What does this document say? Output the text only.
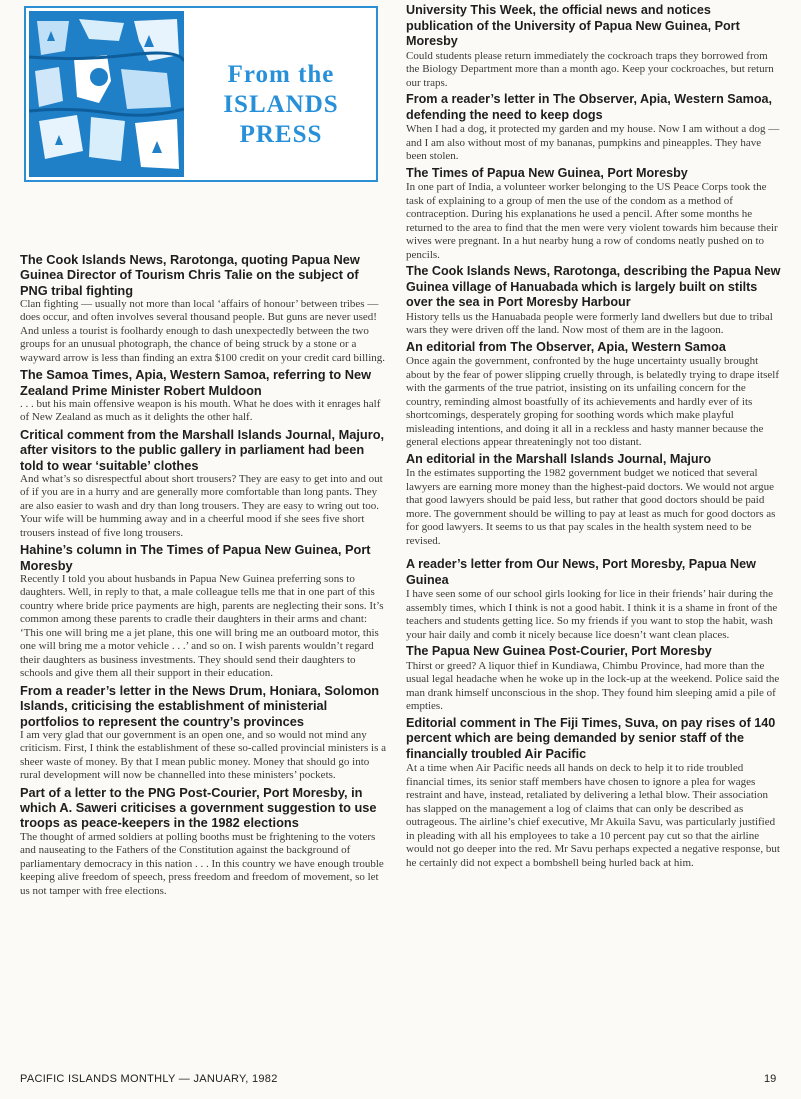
From the
ISLANDS
PRESS
The Cook Islands News, Rarotonga, quoting Papua New Guinea Director of Tourism Chris Talie on the subject of PNG tribal fighting

Clan fighting — usually not more than local ‘affairs of honour’ between tribes — does occur, and often involves several thousand people. But guns are never used! And unless a tourist is foolhardy enough to dash unexpectedly between the two groups for an unusual photograph, the chance of being struck by a stone or a wayward arrow is less than finding an extra $100 credit on your credit card billing.

The Samoa Times, Apia, Western Samoa, referring to New Zealand Prime Minister Robert Muldoon

. . . but his main offensive weapon is his mouth. What he does with it enrages half of New Zealand as much as it delights the other half.

Critical comment from the Marshall Islands Journal, Majuro, after visitors to the public gallery in parliament had been told to wear ‘suitable’ clothes

And what’s so disrespectful about short trousers? They are easy to get into and out of if you are in a hurry and are generally more comfortable than long pants. They are also easier to wash and dry than long trousers. They are easy to wring out too. Your wife will be humming away and in a cheerful mood if she sees five short trousers instead of five long trousers.

Hahine’s column in The Times of Papua New Guinea, Port Moresby

Recently I told you about husbands in Papua New Guinea preferring sons to daughters. Well, in reply to that, a male colleague tells me that in one part of this country where bride price payments are high, parents are neglecting their sons. It’s common among these parents to cradle their daughters in their arms and chant: ‘This one will bring me a jet plane, this one will bring me an outboard motor, this one will bring me a motor vehicle . . .’ and so on. I wish parents wouldn’t regard their daughters as business investments. They should send their daughters to schools and give them all their support in their education.

From a reader’s letter in the News Drum, Honiara, Solomon Islands, criticising the establishment of ministerial portfolios to represent the country’s provinces

I am very glad that our government is an open one, and so would not mind any criticism. First, I think the establishment of these so-called provincial ministers is a sheer waste of money. By that I mean public money. Money that should go into rural development will now be channelled into these ministers’ pockets.

Part of a letter to the PNG Post-Courier, Port Moresby, in which A. Saweri criticises a government suggestion to use troops as peace-keepers in the 1982 elections

The thought of armed soldiers at polling booths must be frightening to the voters and nauseating to the Fathers of the Constitution against the background of parliamentary democracy in this nation . . . In this country we have enough trouble keeping alive freedom of speech, press freedom and freedom of movement, so let us not tamper with free elections.

University This Week, the official news and notices publication of the University of Papua New Guinea, Port Moresby

Could students please return immediately the cockroach traps they borrowed from the Biology Department more than a month ago. Keep your cockroaches, but return our traps.

From a reader’s letter in The Observer, Apia, Western Samoa, defending the need to keep dogs

When I had a dog, it protected my garden and my house. Now I am without a dog — and I am also without most of my bananas, pumpkins and pineapples. They have been stolen.

The Times of Papua New Guinea, Port Moresby

In one part of India, a volunteer worker belonging to the US Peace Corps took the task of explaining to a group of men the use of the condom as a method of contraception. During his explanations he used a pencil. After some months he returned to the area to find that the men were very violent towards him because their wives were pregnant. In a hut nearby hung a row of condoms neatly pushed on to pencils.

The Cook Islands News, Rarotonga, describing the Papua New Guinea village of Hanuabada which is largely built on stilts over the sea in Port Moresby Harbour

History tells us the Hanuabada people were formerly land dwellers but due to tribal wars they were driven off the land. Now most of them are in the lagoon.

An editorial from The Observer, Apia, Western Samoa

Once again the government, confronted by the huge uncertainty usually brought about by the fear of power slipping cruelly through, is belatedly trying to drape itself with the garments of the true patriot, insisting on its unfailing concern for the country, reminding almost boastfully of its achievements and hardly ever of its shortcomings, desperately groping for soothing words which make playful misleading intentions, and doing it all in a reckless and hasty manner because the general elections appear threateningly not too distant.

An editorial in the Marshall Islands Journal, Majuro

In the estimates supporting the 1982 government budget we noticed that several lawyers are earning more money than the highest-paid doctors. We would not argue that good lawyers should be paid less, but rather that good doctors should be paid more. The government should be willing to pay at least as much for good doctors as for good lawyers. It seems to us that pay scales in the health system need to be revised.

A reader’s letter from Our News, Port Moresby, Papua New Guinea

I have seen some of our school girls looking for lice in their friends’ hair during the assembly times, which I think is not a good habit. I think it is a shame in front of the teachers and students getting lice. So my friends if you want to stop the habit, wash your hair daily and comb it nicely because lice doesn’t want clean places.

The Papua New Guinea Post-Courier, Port Moresby

Thirst or greed? A liquor thief in Kundiawa, Chimbu Province, had more than the usual legal headache when he woke up in the lock-up at the weekend. Police said the man drank himself unconscious in the shop. They found him sleeping amid a pile of empties.

Editorial comment in The Fiji Times, Suva, on pay rises of 140 percent which are being demanded by senior staff of the financially troubled Air Pacific

At a time when Air Pacific needs all hands on deck to help it to ride troubled financial times, its senior staff members have chosen to ignore a plea for wages restraint and have, instead, retaliated by delivering a lethal blow. Their association has slapped on the management a log of claims that can only be described as outrageous. The airline’s chief executive, Mr Akuila Savu, was particularly justified in pleading with all his employees to take a 10 percent pay cut so that the airline would not go deeper into the red. Mr Savu perhaps expected a negative response, but he certainly did not expect a bombshell being hurled back at him.

PACIFIC ISLANDS MONTHLY — JANUARY, 1982	19
